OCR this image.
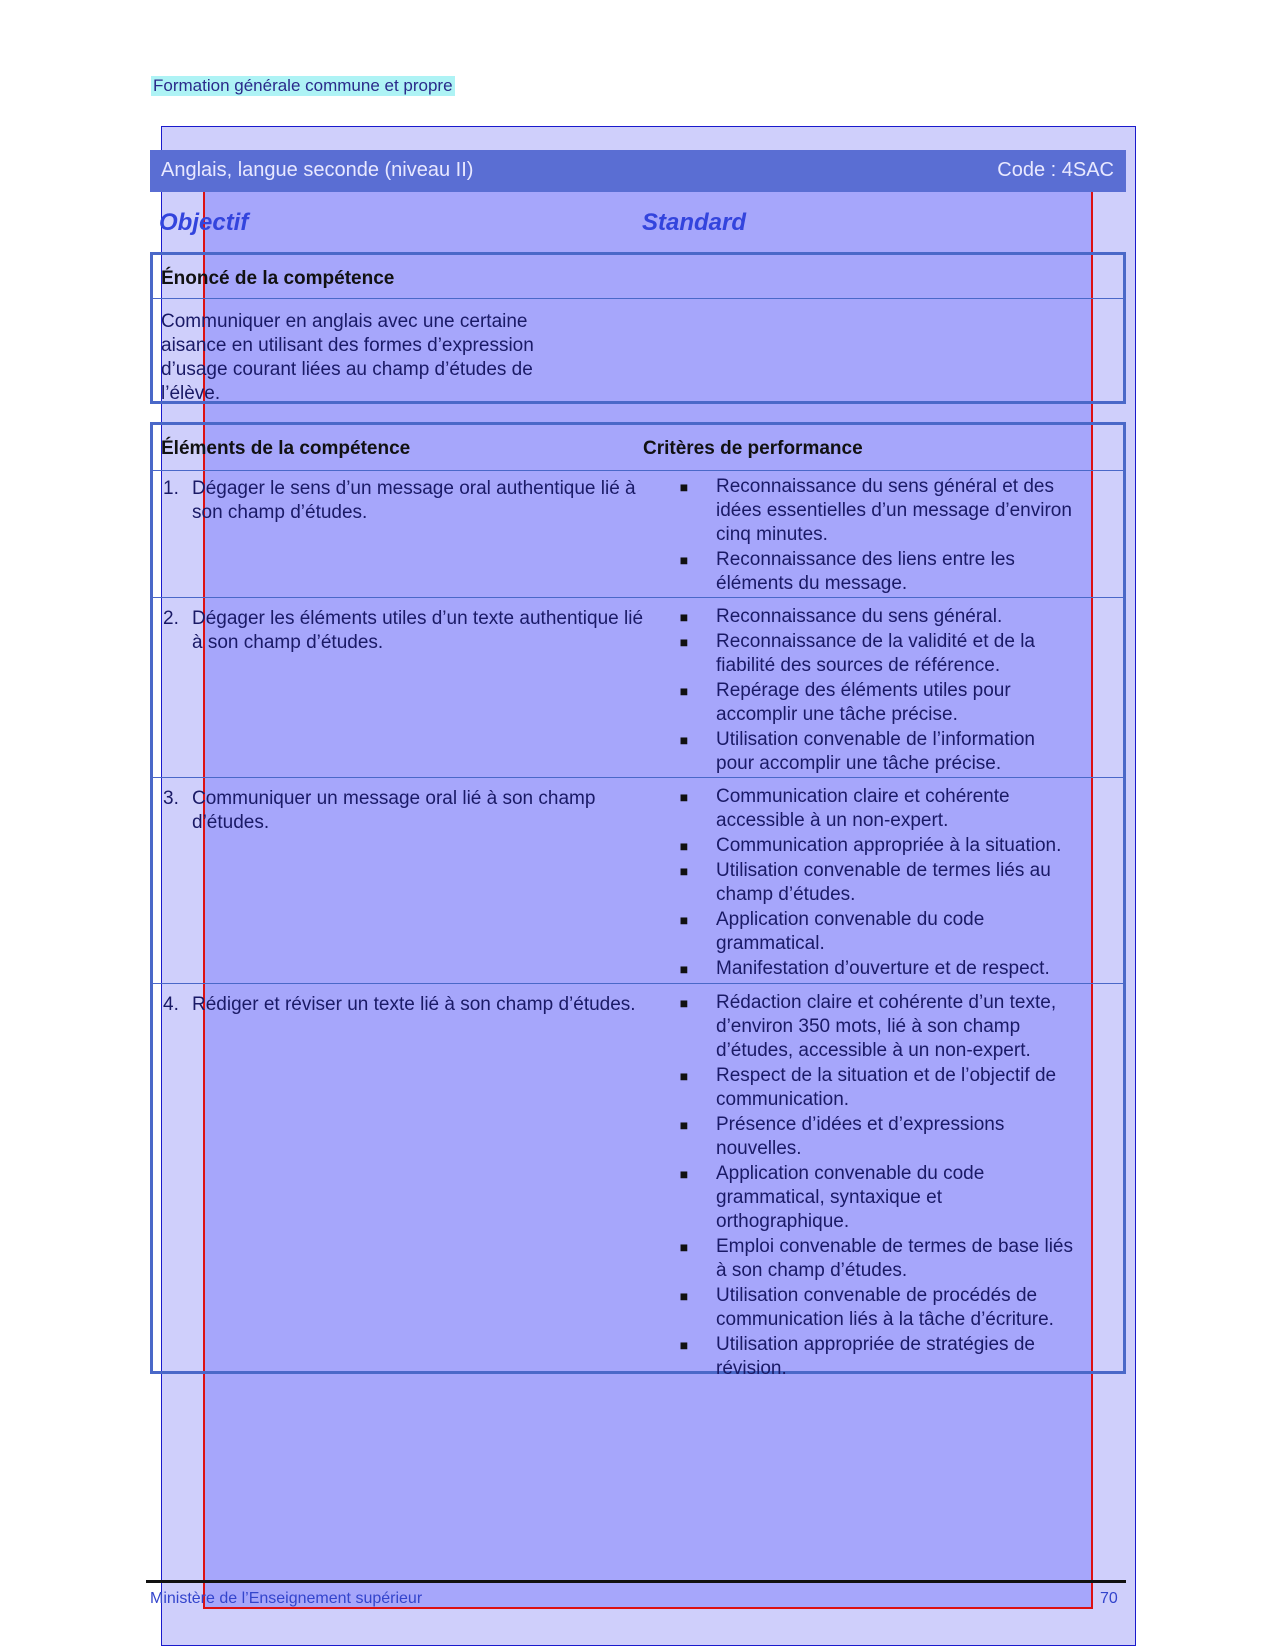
Formation générale commune et propre
Anglais, langue seconde (niveau II)	Code : 4SAC
Objectif	Standard
Énoncé de la compétence
Communiquer en anglais avec une certaine aisance en utilisant des formes d’expression d’usage courant liées au champ d’études de l’élève.
Éléments de la compétence	Critères de performance
1. Dégager le sens d’un message oral authentique lié à son champ d’études.
■ Reconnaissance du sens général et des idées essentielles d’un message d’environ cinq minutes.
■ Reconnaissance des liens entre les éléments du message.
2. Dégager les éléments utiles d’un texte authentique lié à son champ d’études.
■ Reconnaissance du sens général.
■ Reconnaissance de la validité et de la fiabilité des sources de référence.
■ Repérage des éléments utiles pour accomplir une tâche précise.
■ Utilisation convenable de l’information pour accomplir une tâche précise.
3. Communiquer un message oral lié à son champ d’études.
■ Communication claire et cohérente accessible à un non-expert.
■ Communication appropriée à la situation.
■ Utilisation convenable de termes liés au champ d’études.
■ Application convenable du code grammatical.
■ Manifestation d’ouverture et de respect.
4. Rédiger et réviser un texte lié à son champ d’études.	■ Rédaction claire et cohérente d’un texte, d’environ 350 mots, lié à son champ d’études, accessible à un non-expert.
■ Respect de la situation et de l’objectif de communication.
■ Présence d’idées et d’expressions nouvelles.
■ Application convenable du code grammatical, syntaxique et orthographique.
■ Emploi convenable de termes de base liés à son champ d’études.
■ Utilisation convenable de procédés de communication liés à la tâche d’écriture.
■ Utilisation appropriée de stratégies de révision.
Ministère de l’Enseignement supérieur	70
